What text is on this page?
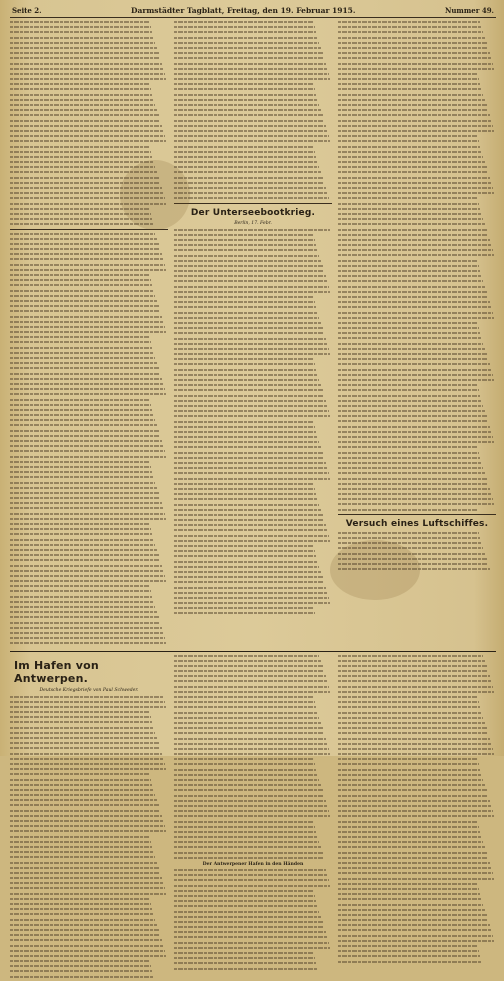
Seite 2.	Darmstädter Tagblatt, Freitag, den 19. Februar 1915.	Nummer 49.
Der Unterseebootkrieg.
Berlin, 17. Febr.
Versuch eines Luftschiffes.
Im Hafen von Antwerpen.
Deutsche Kriegsbriefe von Paul Schweder.
Der Antwerpener Hafen in den Händen
